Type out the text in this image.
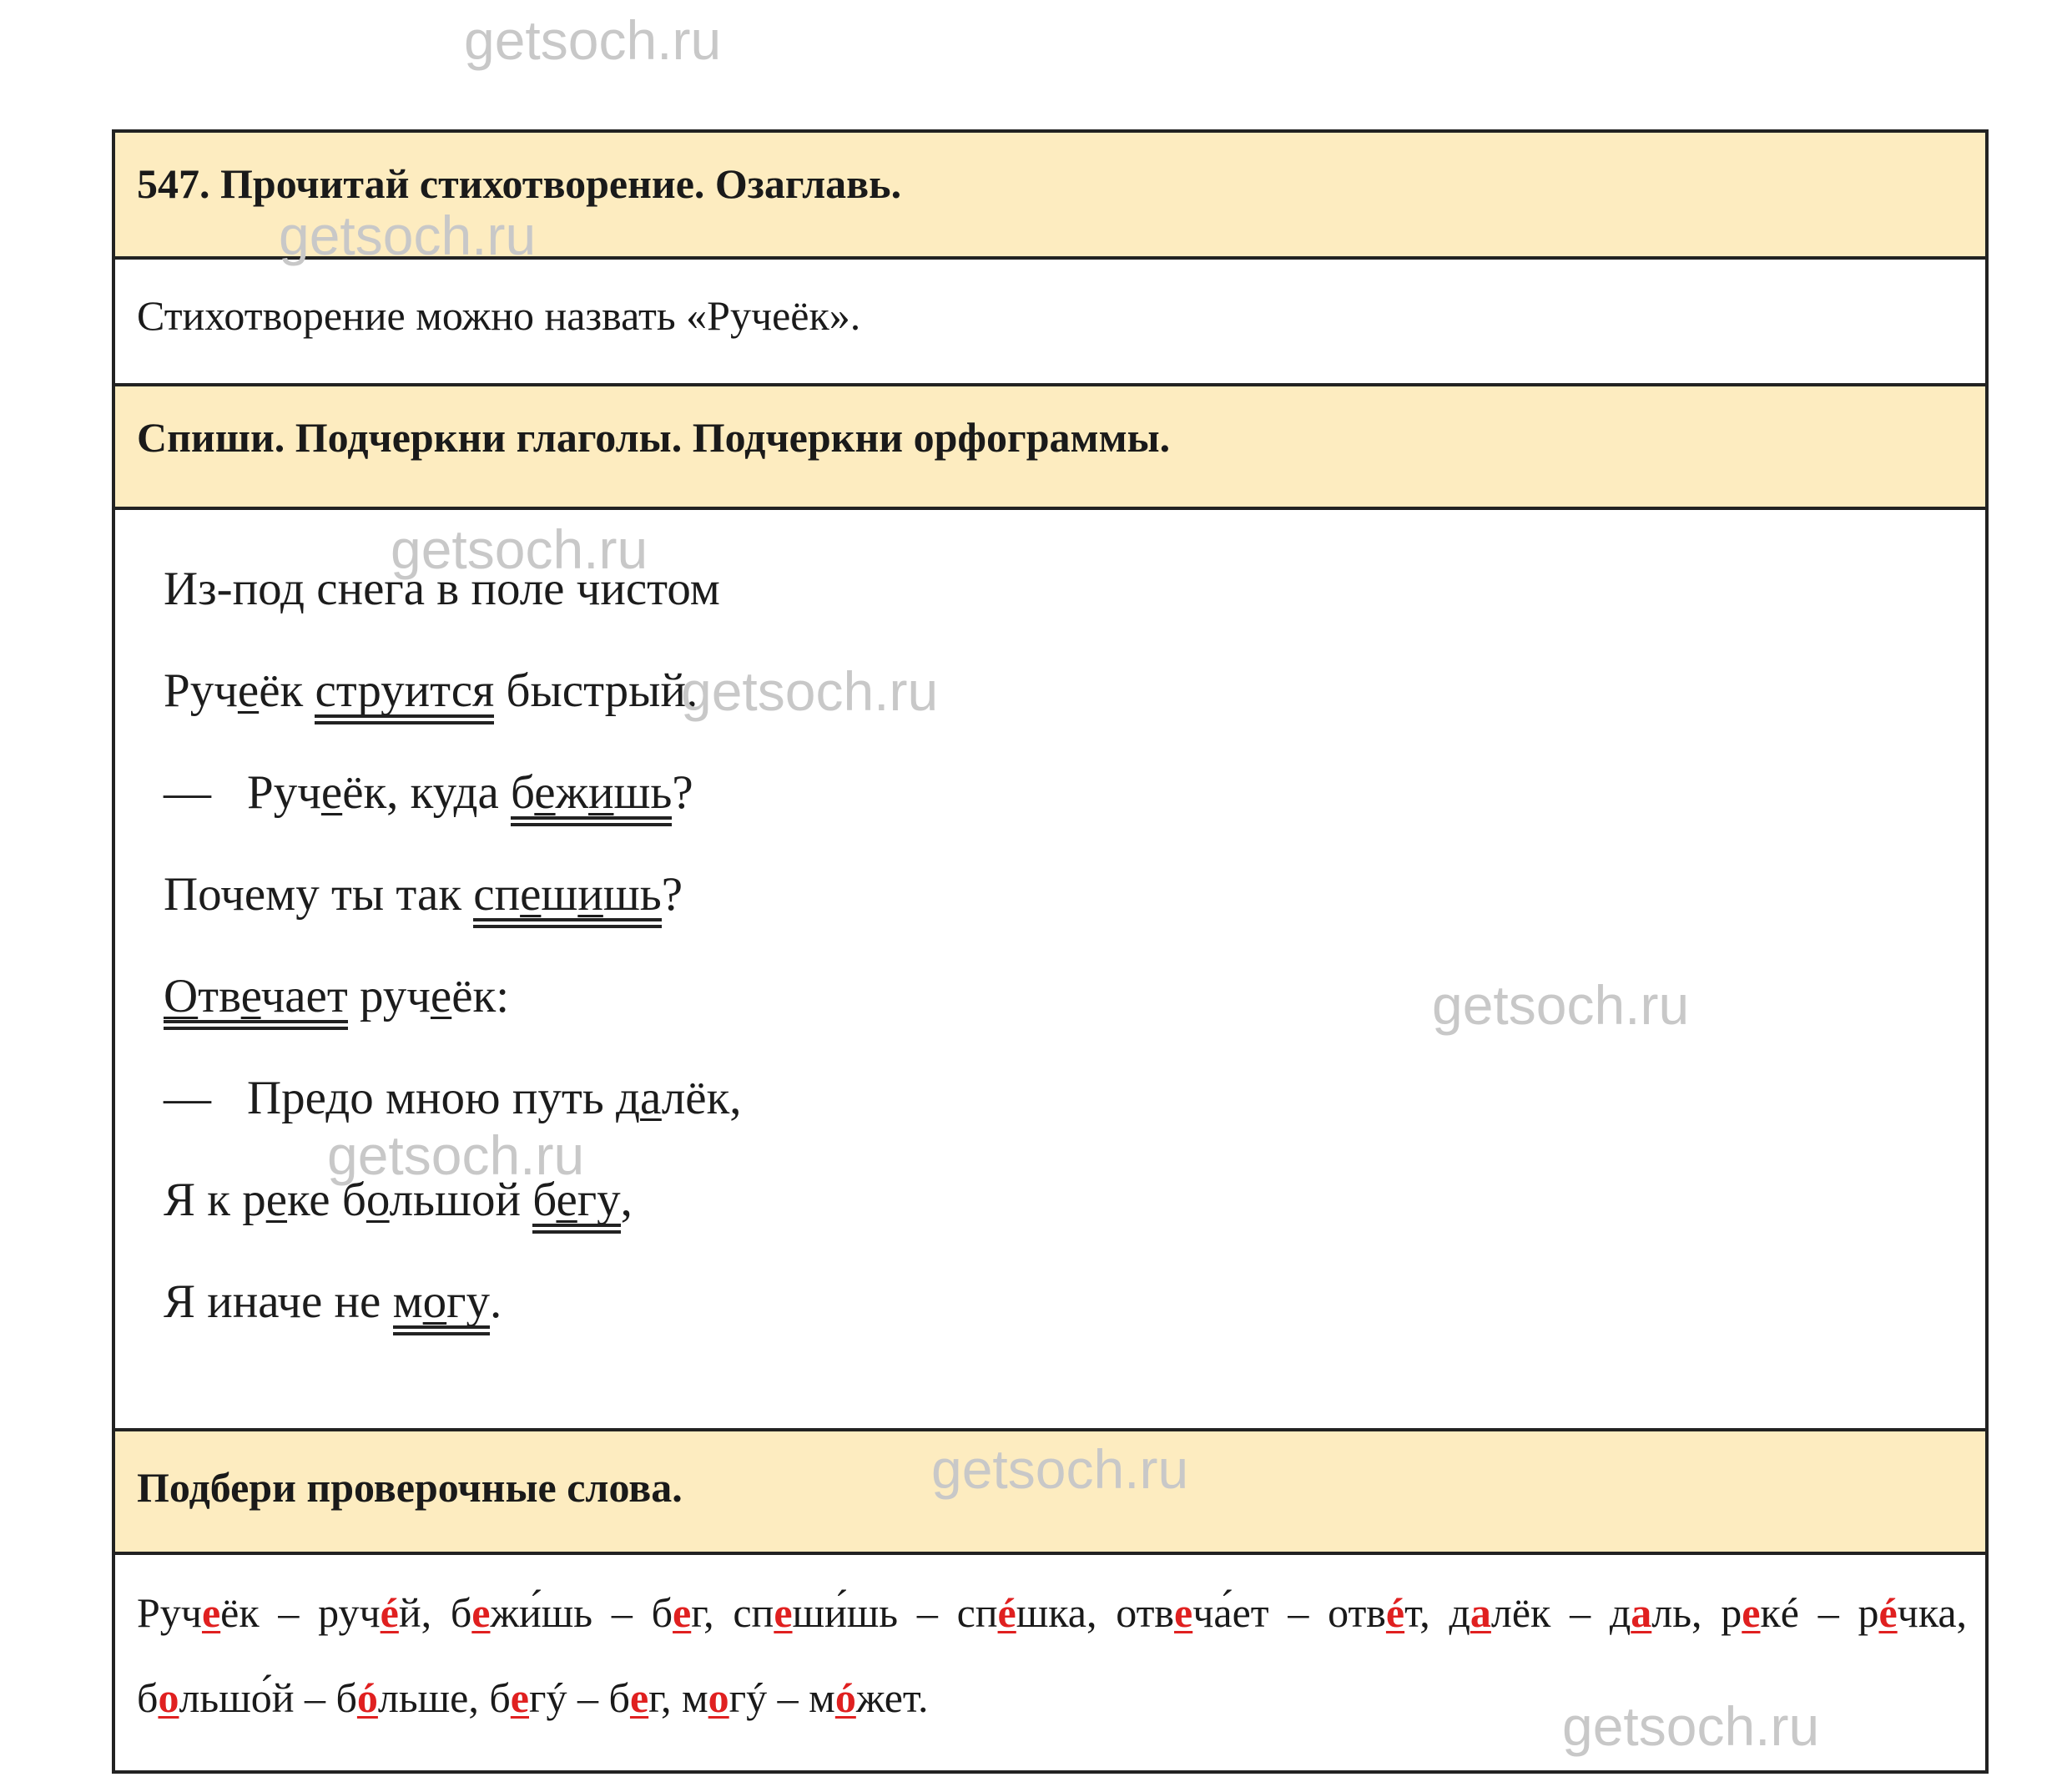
getsoch.ru
getsoch.ru
getsoch.ru
getsoch.ru
getsoch.ru
getsoch.ru
getsoch.ru
getsoch.ru
547. Прочитай стихотворение. Озаглавь.
Стихотворение можно назвать «Ручеёк».
Спиши. Подчеркни глаголы. Подчеркни орфограммы.
Из-под снега в поле чистом
Ручеёк струится быстрый.
— Ручеёк, куда бежишь?
Почему ты так спешишь?
Отвечает ручеёк:
— Предо мною путь далёк,
Я к реке большой бегу,
Я иначе не могу.
Подбери проверочные слова.

Ручеёк – ручéй, бежи́шь – бег, спеши́шь – спéшка, отвеча́ет – отвéт, далёк – даль, рекé – рéчка, большо́й – бóльше, бегý – бег, могý – мóжет.
